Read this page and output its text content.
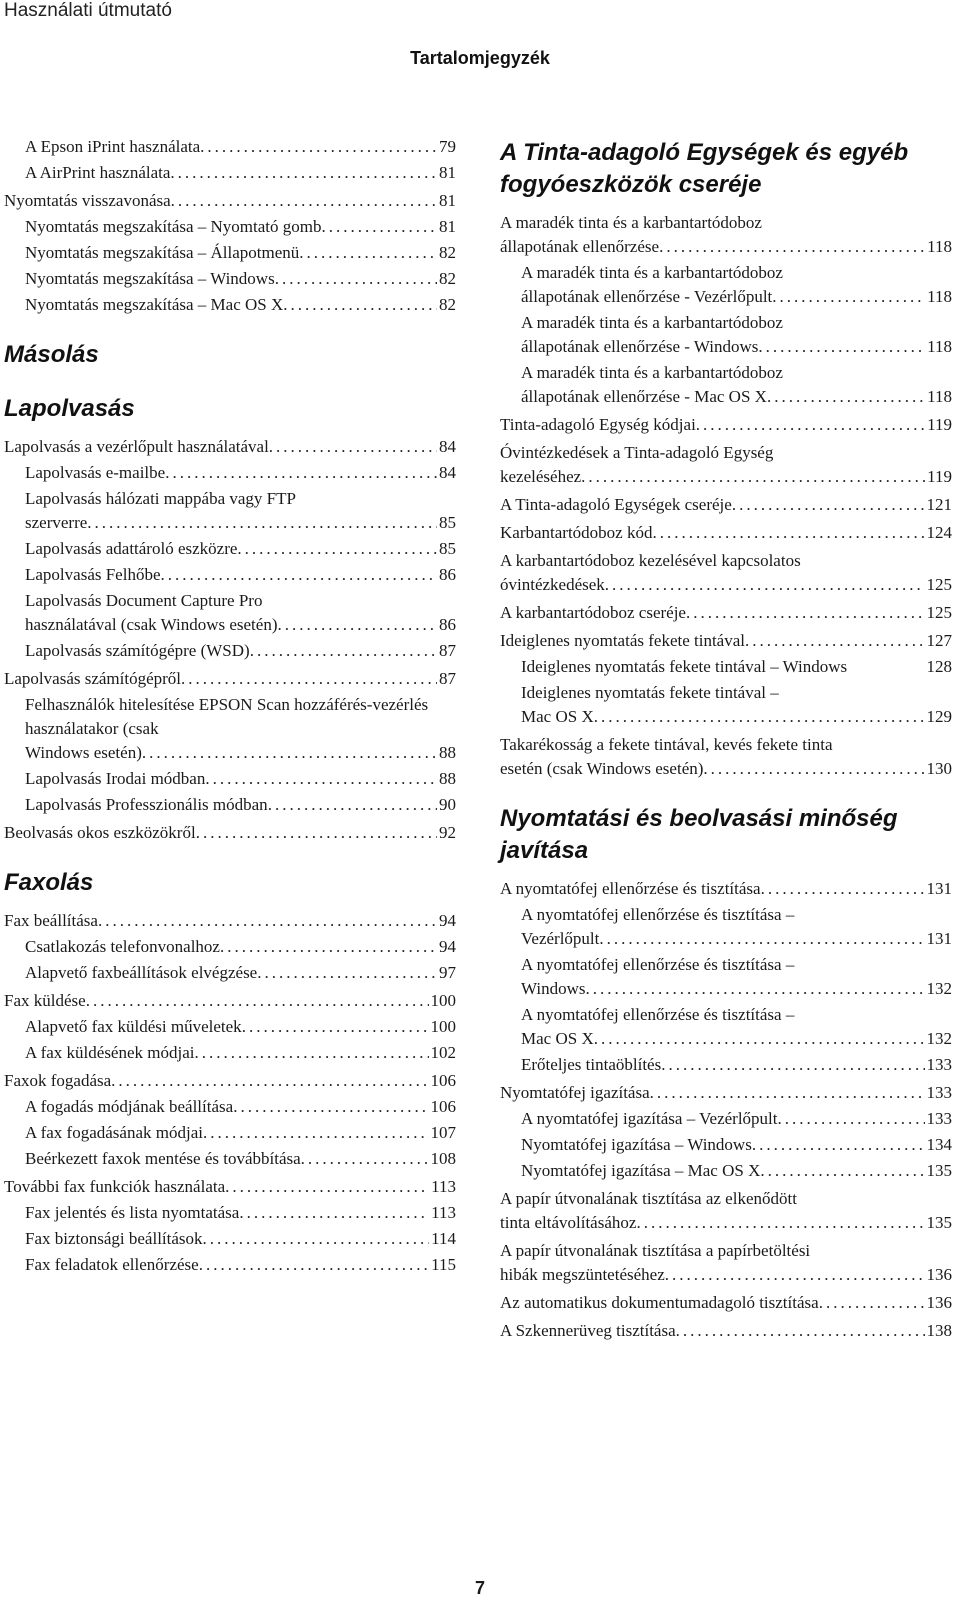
Használati útmutató
Tartalomjegyzék
A Epson iPrint használata .....	79
A AirPrint használata .....	81
Nyomtatás visszavonása .....	81
Nyomtatás megszakítása – Nyomtató gomb .....	81
Nyomtatás megszakítása – Állapotmenü .....	82
Nyomtatás megszakítása – Windows .....	82
Nyomtatás megszakítása – Mac OS X .....	82
Másolás
Lapolvasás
Lapolvasás a vezérlőpult használatával .....	84
Lapolvasás e-mailbe .....	84
Lapolvasás hálózati mappába vagy FTP
szerverre .....	85
Lapolvasás adattároló eszközre .....	85
Lapolvasás Felhőbe .....	86
Lapolvasás Document Capture Pro
használatával (csak Windows esetén) .....	86
Lapolvasás számítógépre (WSD) .....	87
Lapolvasás számítógépről .....	87
Felhasználók hitelesítése EPSON Scan hozzáférés-vezérlés használatakor (csak
Windows esetén) .....	88
Lapolvasás Irodai módban .....	88
Lapolvasás Professzionális módban .....	90
Beolvasás okos eszközökről .....	92
Faxolás
Fax beállítása .....	94
Csatlakozás telefonvonalhoz .....	94
Alapvető faxbeállítások elvégzése .....	97
Fax küldése .....	100
Alapvető fax küldési műveletek .....	100
A fax küldésének módjai .....	102
Faxok fogadása .....	106
A fogadás módjának beállítása .....	106
A fax fogadásának módjai .....	107
Beérkezett faxok mentése és továbbítása .....	108
További fax funkciók használata .....	113
Fax jelentés és lista nyomtatása .....	113
Fax biztonsági beállítások .....	114
Fax feladatok ellenőrzése .....	115
A Tinta-adagoló Egységek és egyéb fogyóeszközök cseréje
A maradék tinta és a karbantartódoboz
állapotának ellenőrzése .....	118
A maradék tinta és a karbantartódoboz
állapotának ellenőrzése - Vezérlőpult .....	118
A maradék tinta és a karbantartódoboz
állapotának ellenőrzése - Windows .....	118
A maradék tinta és a karbantartódoboz
állapotának ellenőrzése - Mac OS X .....	118
Tinta-adagoló Egység kódjai .....	119
Óvintézkedések a Tinta-adagoló Egység
kezeléséhez .....	119
A Tinta-adagoló Egységek cseréje .....	121
Karbantartódoboz kód .....	124
A karbantartódoboz kezelésével kapcsolatos
óvintézkedések .....	125
A karbantartódoboz cseréje .....	125
Ideiglenes nyomtatás fekete tintával .....	127
Ideiglenes nyomtatás fekete tintával – Windows	128
Ideiglenes nyomtatás fekete tintával –
Mac OS X .....	129
Takarékosság a fekete tintával, kevés fekete tinta
esetén (csak Windows esetén) .....	130
Nyomtatási és beolvasási minőség javítása
A nyomtatófej ellenőrzése és tisztítása .....	131
A nyomtatófej ellenőrzése és tisztítása –
Vezérlőpult .....	131
A nyomtatófej ellenőrzése és tisztítása –
Windows .....	132
A nyomtatófej ellenőrzése és tisztítása –
Mac OS X .....	132
Erőteljes tintaöblítés .....	133
Nyomtatófej igazítása .....	133
A nyomtatófej igazítása – Vezérlőpult .....	133
Nyomtatófej igazítása – Windows .....	134
Nyomtatófej igazítása – Mac OS X .....	135
A papír útvonalának tisztítása az elkenődött
tinta eltávolításához .....	135
A papír útvonalának tisztítása a papírbetöltési
hibák megszüntetéséhez .....	136
Az automatikus dokumentumadagoló tisztítása .....	136
A Szkennerüveg tisztítása .....	138
7
